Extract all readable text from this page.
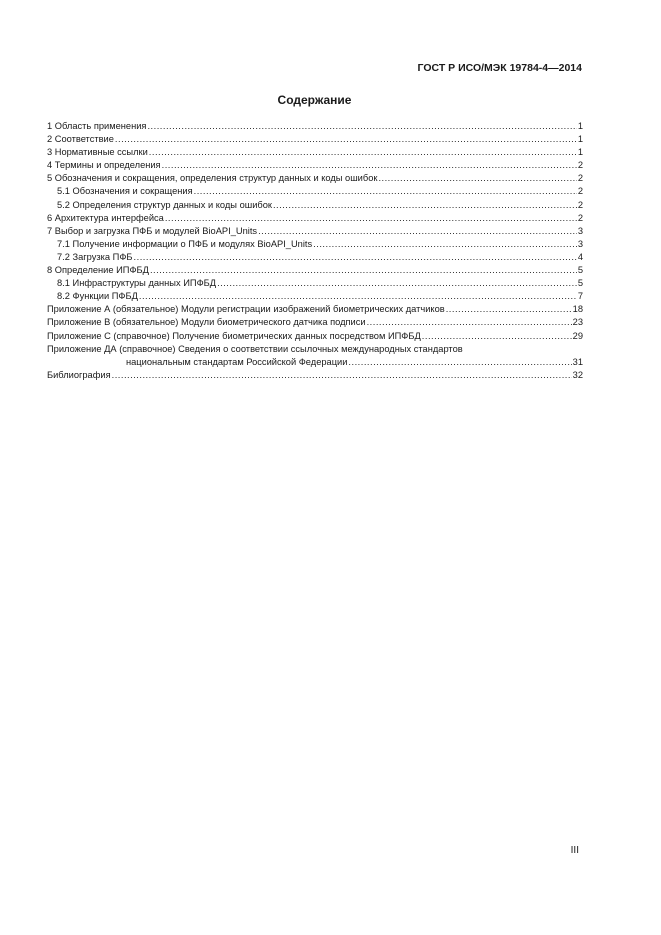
ГОСТ Р ИСО/МЭК 19784-4—2014
Содержание
1 Область применения .....	1
2 Соответствие .....	1
3 Нормативные ссылки .....	1
4 Термины и определения .....	2
5 Обозначения и сокращения, определения структур данных и коды ошибок .....	2
5.1 Обозначения и сокращения .....	2
5.2 Определения структур данных и коды ошибок .....	2
6 Архитектура интерфейса .....	2
7 Выбор и загрузка ПФБ и модулей BioAPI_Units .....	3
7.1 Получение информации о ПФБ и модулях BioAPI_Units .....	3
7.2 Загрузка ПФБ .....	4
8 Определение ИПФБД .....	5
8.1 Инфраструктуры данных ИПФБД .....	5
8.2 Функции ПФБД .....	7
Приложение А (обязательное) Модули регистрации изображений биометрических датчиков .....	18
Приложение В (обязательное) Модули биометрического датчика подписи .....	23
Приложение С (справочное) Получение биометрических данных посредством ИПФБД .....	29
Приложение ДА (справочное) Сведения о соответствии ссылочных международных стандартов
национальным стандартам Российской Федерации .....	31
Библиография .....	32
III
